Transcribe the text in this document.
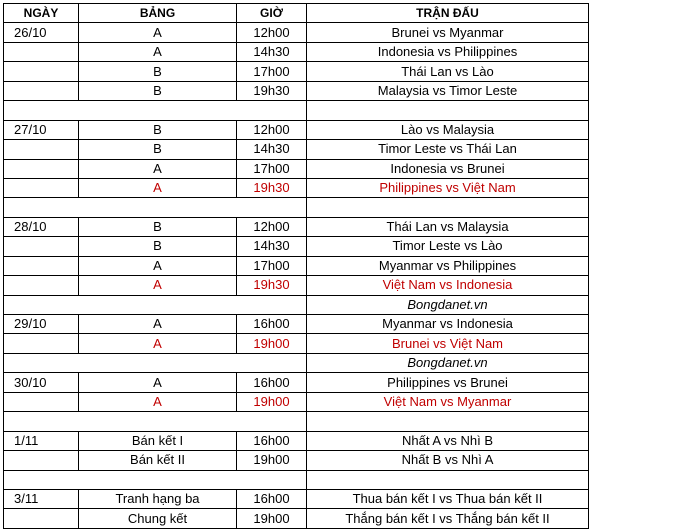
NGÀY	BẢNG	GIỜ	TRẬN ĐẤU
26/10	A	12h00	Brunei vs Myanmar
	A	14h30	Indonesia vs Philippines
	B	17h00	Thái Lan vs Lào
	B	19h30	Malaysia vs Timor Leste

27/10	B	12h00	Lào vs Malaysia
	B	14h30	Timor Leste vs Thái Lan
	A	17h00	Indonesia vs Brunei
	A	19h30	Philippines vs Việt Nam

28/10	B	12h00	Thái Lan vs Malaysia
	B	14h30	Timor Leste vs Lào
	A	17h00	Myanmar vs Philippines
	A	19h30	Việt Nam vs Indonesia
			Bongdanet.vn
29/10	A	16h00	Myanmar vs Indonesia
	A	19h00	Brunei vs Việt Nam
			Bongdanet.vn
30/10	A	16h00	Philippines vs Brunei
	A	19h00	Việt Nam vs Myanmar

1/11	Bán kết I	16h00	Nhất A vs Nhì B
	Bán kết II	19h00	Nhất B vs Nhì A

3/11	Tranh hạng ba	16h00	Thua bán kết I vs Thua bán kết II
	Chung kết	19h00	Thắng bán kết I vs Thắng bán kết II
